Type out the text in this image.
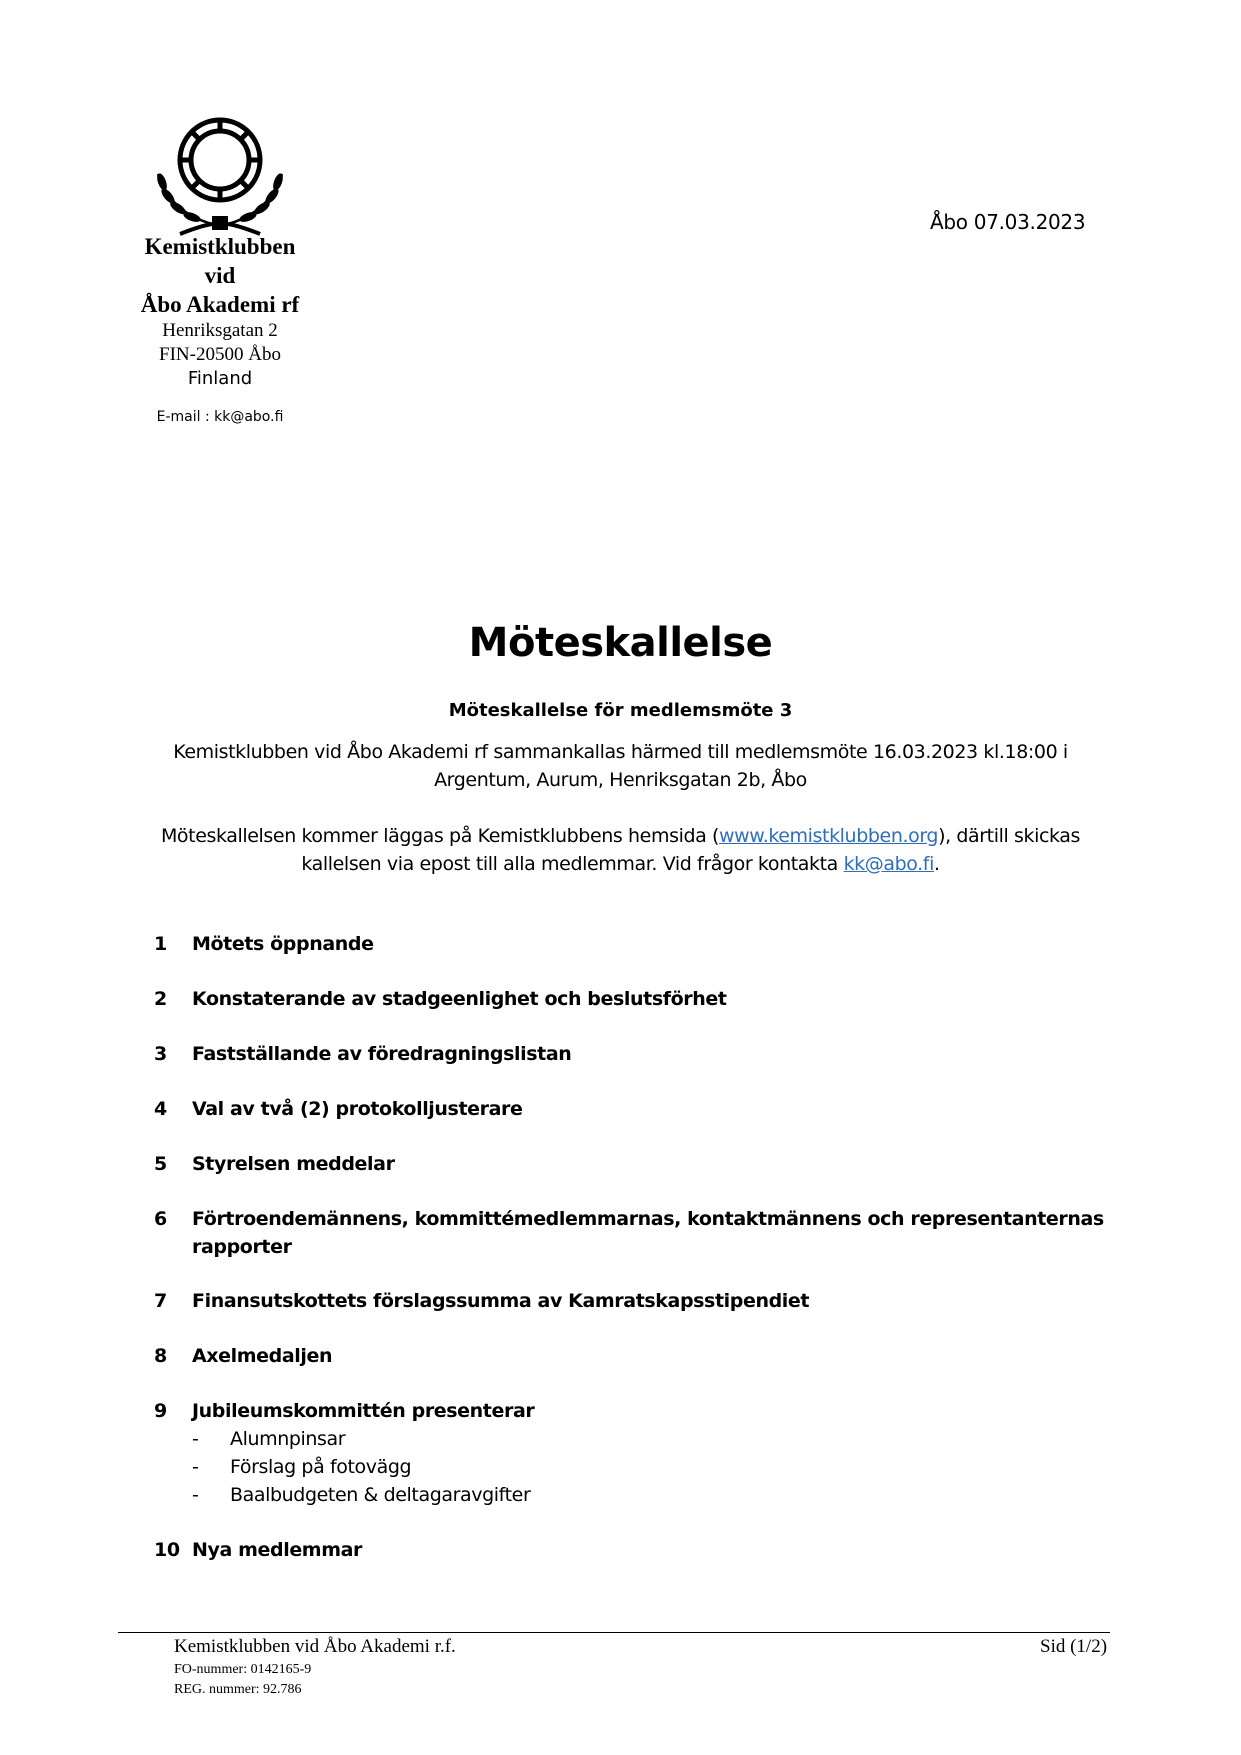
Kemistklubben
vid
Åbo Akademi rf
Henriksgatan 2
FIN-20500 Åbo
Finland
E-mail : kk@abo.fi
Åbo 07.03.2023
Möteskallelse
Möteskallelse för medlemsmöte 3
Kemistklubben vid Åbo Akademi rf sammankallas härmed till medlemsmöte 16.03.2023 kl.18:00 i
Argentum, Aurum, Henriksgatan 2b, Åbo
Möteskallelsen kommer läggas på Kemistklubbens hemsida (www.kemistklubben.org), därtill skickas
kallelsen via epost till alla medlemmar. Vid frågor kontakta kk@abo.fi.
1	Mötets öppnande
2	Konstaterande av stadgeenlighet och beslutsförhet
3	Fastställande av föredragningslistan
4	Val av två (2) protokolljusterare
5	Styrelsen meddelar
6	Förtroendemännens, kommittémedlemmarnas, kontaktmännens och representanternas rapporter
7	Finansutskottets förslagssumma av Kamratskapsstipendiet
8	Axelmedaljen
9	Jubileumskommittén presenterar
-	Alumnpinsar
-	Förslag på fotovägg
-	Baalbudgeten & deltagaravgifter
10 Nya medlemmar
Kemistklubben vid Åbo Akademi r.f.	Sid (1/2)
FO-nummer: 0142165-9
REG. nummer: 92.786
